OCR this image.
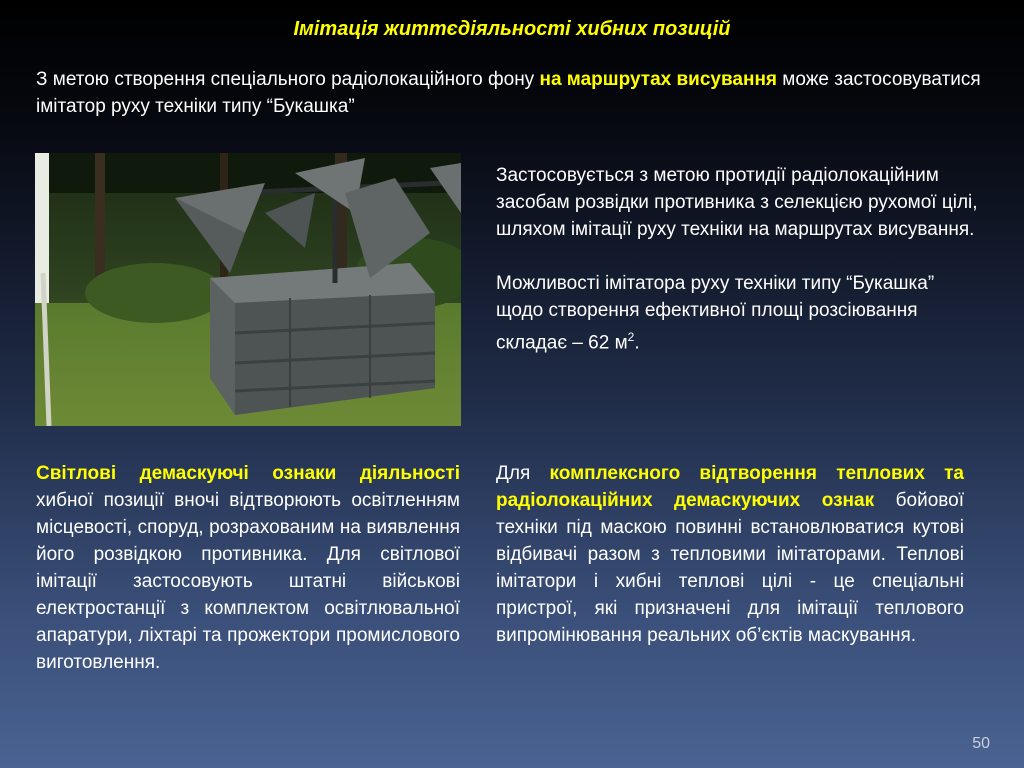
Імітація життєдіяльності хибних позицій
З метою створення спеціального радіолокаційного фону на маршрутах висування може застосовуватися імітатор руху техніки типу “Букашка”

Застосовується з метою протидії радіолокаційним засобам розвідки противника з селекцією рухомої цілі, шляхом імітації руху техніки на маршрутах висування.

Можливості імітатора руху техніки типу “Букашка” щодо створення ефективної площі розсіювання складає – 62 $м^2$.

Світлові демаскуючі ознаки діяльності хибної позиції вночі відтворюють освітленням місцевості, споруд, розрахованим на виявлення його розвідкою противника. Для світлової імітації застосовують штатні військові електростанції з комплектом освітлювальної апаратури, ліхтарі та прожектори промислового виготовлення.
Для комплексного відтворення теплових та радіолокаційних демаскуючих ознак бойової техніки під маскою повинні встановлюватися кутові відбивачі разом з тепловими імітаторами. Теплові імітатори і хибні теплові цілі - це спеціальні пристрої, які призначені для імітації теплового випромінювання реальних об’єктів маскування.
50
